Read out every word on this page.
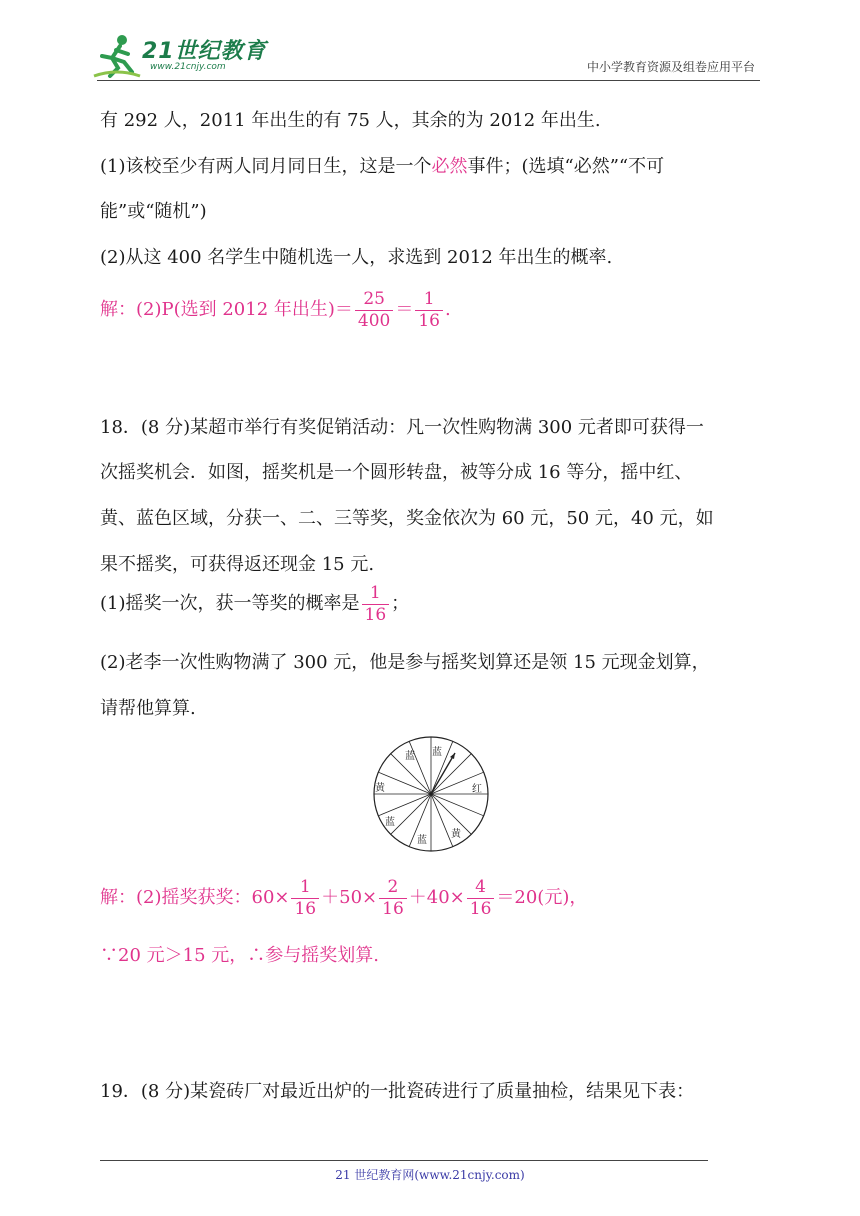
21世纪教育
www.21cnjy.com	中小学教育资源及组卷应用平台
有 292 人，2011 年出生的有 75 人，其余的为 2012 年出生.
(1)该校至少有两人同月同日生，这是一个必然事件；(选填“必然”“不可
能”或“随机”)
(2)从这 400 名学生中随机选一人，求选到 2012 年出生的概率.
解：(2)P(选到 2012 年出生)＝ $\frac{25}{400} = \frac{1}{16}$ .
18．(8 分)某超市举行有奖促销活动：凡一次性购物满 300 元者即可获得一
次摇奖机会．如图，摇奖机是一个圆形转盘，被等分成 16 等分，摇中红、
黄、蓝色区域，分获一、二、三等奖，奖金依次为 60 元，50 元，40 元，如
果不摇奖，可获得返还现金 15 元.
(1)摇奖一次，获一等奖的概率是 $\frac{1}{16}$ ；
(2)老李一次性购物满了 300 元，他是参与摇奖划算还是领 15 元现金划算，
请帮他算算.
蓝 蓝
黄	红
蓝
蓝
黄
解：(2)摇奖获奖：$60\times \frac{1}{16} +50\times \frac{2}{16} +40\times \frac{4}{16} =20$(元)，
∵20 元＞15 元，∴参与摇奖划算.
19．(8 分)某瓷砖厂对最近出炉的一批瓷砖进行了质量抽检，结果见下表：
21 世纪教育网(www.21cnjy.com)
